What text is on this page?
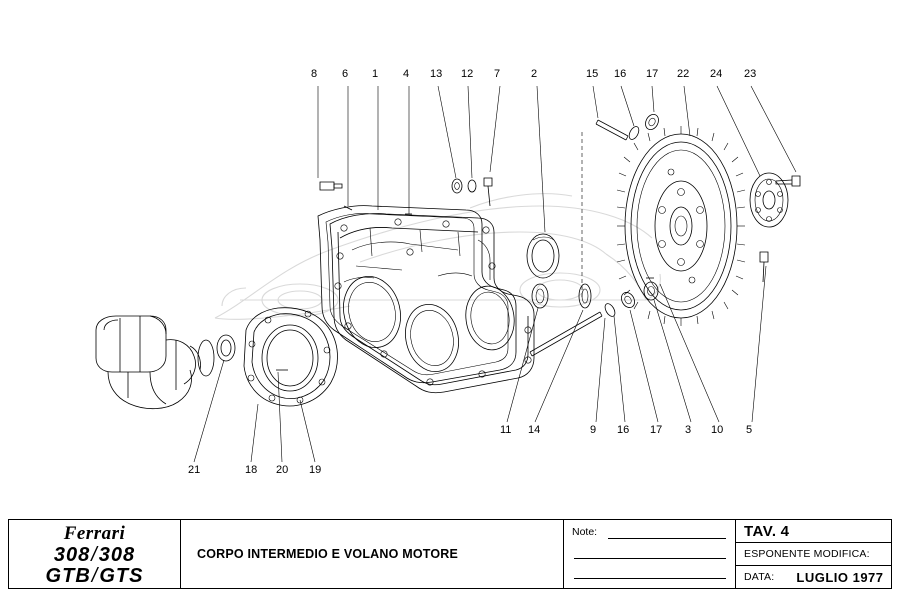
8 6 1 4 13 12 7	2	15 16 17 22 24 23
21	18 20 19
11 14	9 16 17 3 10 5
Ferrari
308/308
GTB/GTS
CORPO INTERMEDIO E VOLANO MOTORE
Note:	TAV. 4
ESPONENTE MODIFICA:
DATA: LUGLIO 1977
